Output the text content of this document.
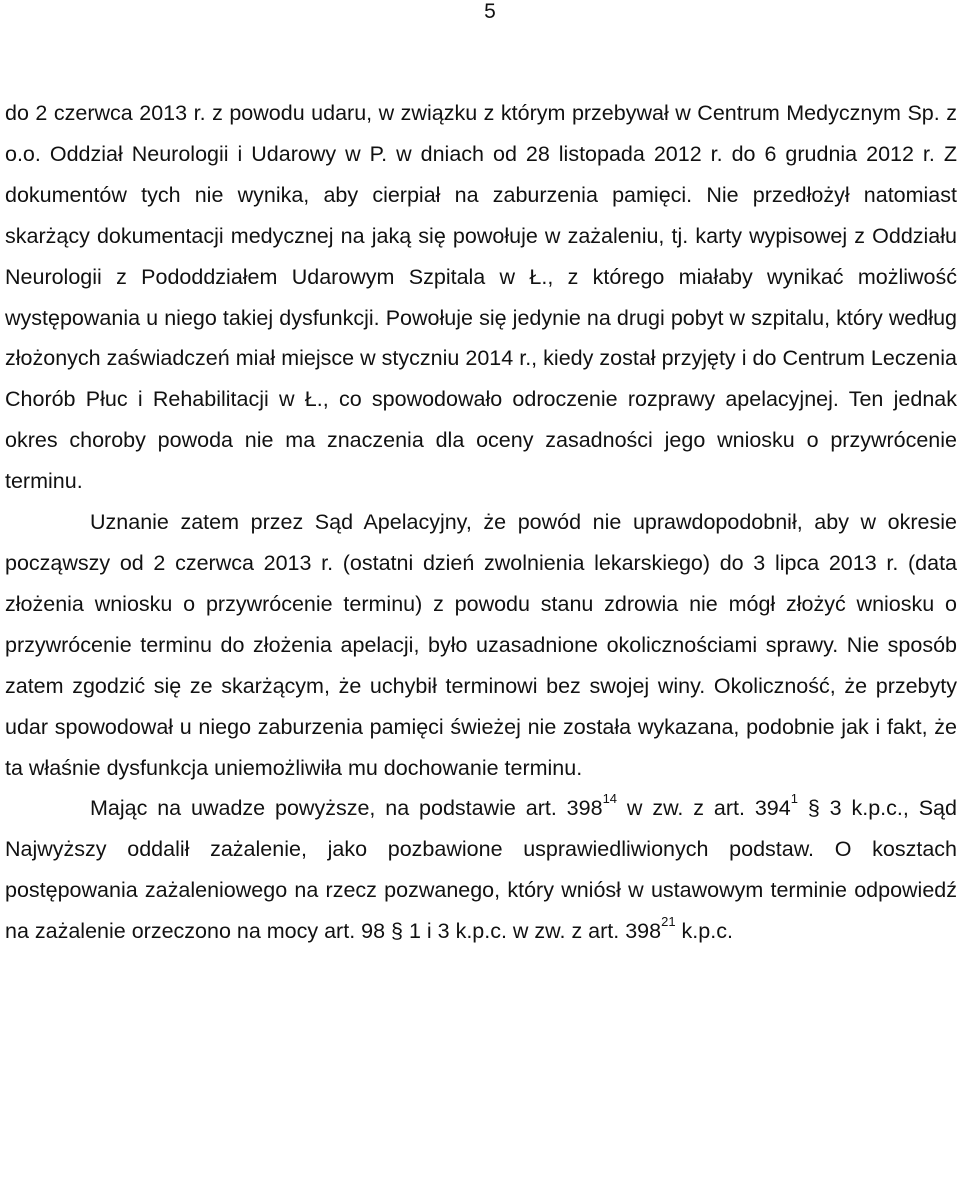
5

do 2 czerwca 2013 r. z powodu udaru, w związku z którym przebywał w Centrum Medycznym Sp. z o.o. Oddział Neurologii i Udarowy w P. w dniach od 28 listopada 2012 r. do 6 grudnia 2012 r. Z dokumentów tych nie wynika, aby cierpiał na zaburzenia pamięci. Nie przedłożył natomiast skarżący dokumentacji medycznej na jaką się powołuje w zażaleniu, tj. karty wypisowej z Oddziału Neurologii z Pododdziałem Udarowym Szpitala w Ł., z którego miałaby wynikać możliwość występowania u niego takiej dysfunkcji. Powołuje się jedynie na drugi pobyt w szpitalu, który według złożonych zaświadczeń miał miejsce w styczniu 2014 r., kiedy został przyjęty i do Centrum Leczenia Chorób Płuc i Rehabilitacji w Ł., co spowodowało odroczenie rozprawy apelacyjnej. Ten jednak okres choroby powoda nie ma znaczenia dla oceny zasadności jego wniosku o przywrócenie terminu.

Uznanie zatem przez Sąd Apelacyjny, że powód nie uprawdopodobnił, aby w okresie począwszy od 2 czerwca 2013 r. (ostatni dzień zwolnienia lekarskiego) do 3 lipca 2013 r. (data złożenia wniosku o przywrócenie terminu) z powodu stanu zdrowia nie mógł złożyć wniosku o przywrócenie terminu do złożenia apelacji, było uzasadnione okolicznościami sprawy. Nie sposób zatem zgodzić się ze skarżącym, że uchybił terminowi bez swojej winy. Okoliczność, że przebyty udar spowodował u niego zaburzenia pamięci świeżej nie została wykazana, podobnie jak i fakt, że ta właśnie dysfunkcja uniemożliwiła mu dochowanie terminu.

Mając na uwadze powyższe, na podstawie art. $398^{14}$ w zw. z art. $394^1$ § 3 k.p.c., Sąd Najwyższy oddalił zażalenie, jako pozbawione usprawiedliwionych podstaw. O kosztach postępowania zażaleniowego na rzecz pozwanego, który wniósł w ustawowym terminie odpowiedź na zażalenie orzeczono na mocy art. 98 § 1 i 3 k.p.c. w zw. z art. $398^{21}$ k.p.c.
